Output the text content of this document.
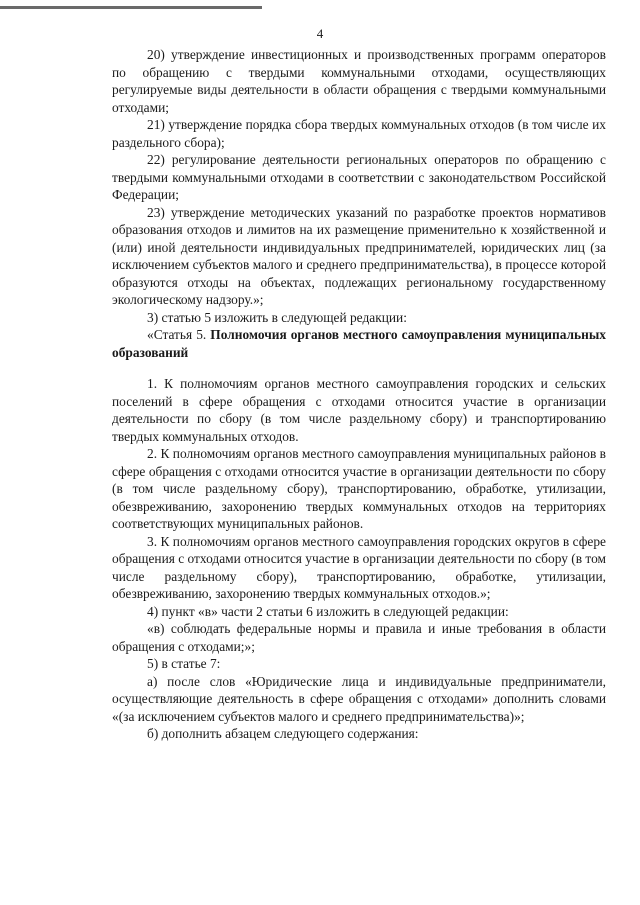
4

20) утверждение инвестиционных и производственных программ операторов по обращению с твердыми коммунальными отходами, осуществляющих регулируемые виды деятельности в области обращения с твердыми коммунальными отходами;

21) утверждение порядка сбора твердых коммунальных отходов (в том числе их раздельного сбора);

22) регулирование деятельности региональных операторов по обращению с твердыми коммунальными отходами в соответствии с законодательством Российской Федерации;

23) утверждение методических указаний по разработке проектов нормативов образования отходов и лимитов на их размещение применительно к хозяйственной и (или) иной деятельности индивидуальных предпринимателей, юридических лиц (за исключением субъектов малого и среднего предпринимательства), в процессе которой образуются отходы на объектах, подлежащих региональному государственному экологическому надзору.»;

3) статью 5 изложить в следующей редакции:

«Статья 5. Полномочия органов местного самоуправления муниципальных образований

1. К полномочиям органов местного самоуправления городских и сельских поселений в сфере обращения с отходами относится участие в организации деятельности по сбору (в том числе раздельному сбору) и транспортированию твердых коммунальных отходов.

2. К полномочиям органов местного самоуправления муниципальных районов в сфере обращения с отходами относится участие в организации деятельности по сбору (в том числе раздельному сбору), транспортированию, обработке, утилизации, обезвреживанию, захоронению твердых коммунальных отходов на территориях соответствующих муниципальных районов.

3. К полномочиям органов местного самоуправления городских округов в сфере обращения с отходами относится участие в организации деятельности по сбору (в том числе раздельному сбору), транспортированию, обработке, утилизации, обезвреживанию, захоронению твердых коммунальных отходов.»;

4) пункт «в» части 2 статьи 6 изложить в следующей редакции:

«в) соблюдать федеральные нормы и правила и иные требования в области обращения с отходами;»;

5) в статье 7:

а) после слов «Юридические лица и индивидуальные предприниматели, осуществляющие деятельность в сфере обращения с отходами» дополнить словами «(за исключением субъектов малого и среднего предпринимательства)»;

б) дополнить абзацем следующего содержания:
